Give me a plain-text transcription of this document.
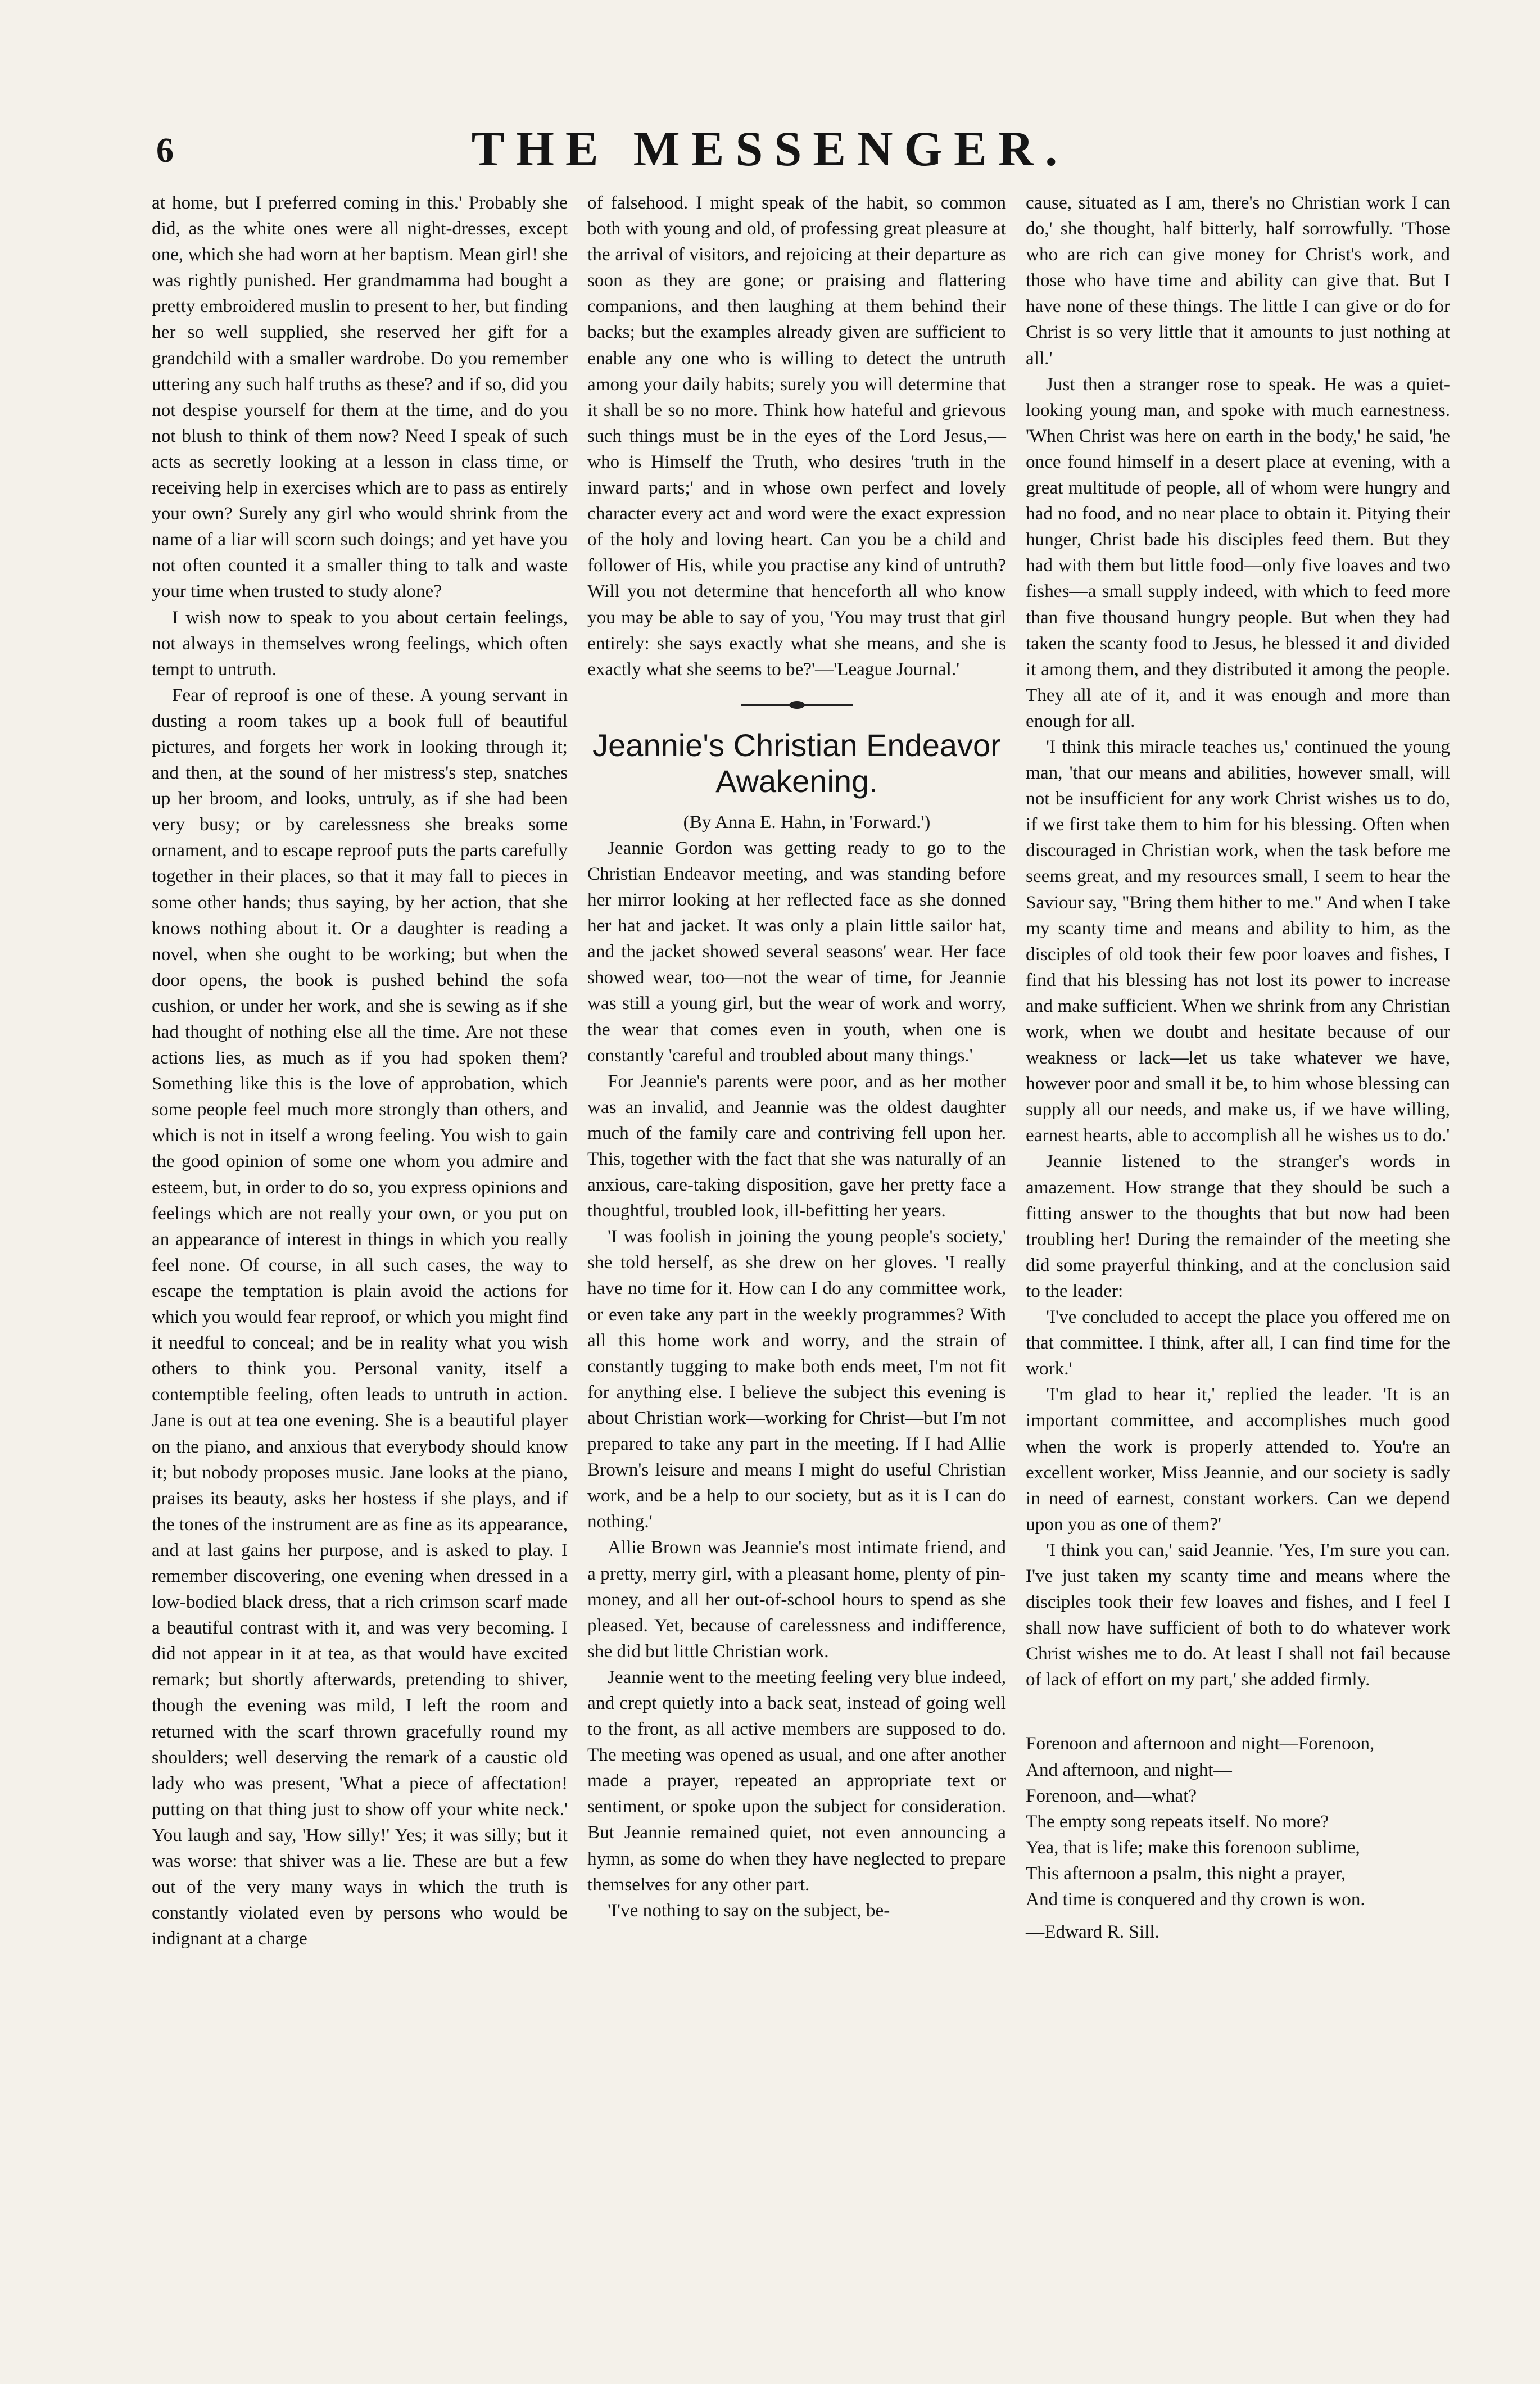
6	THE MESSENGER.

at home, but I preferred coming in this.' Probably she did, as the white ones were all night-dresses, except one, which she had worn at her baptism. Mean girl! she was rightly punished. Her grandmamma had bought a pretty embroidered muslin to present to her, but finding her so well supplied, she reserved her gift for a grandchild with a smaller wardrobe. Do you remember uttering any such half truths as these? and if so, did you not despise yourself for them at the time, and do you not blush to think of them now? Need I speak of such acts as secretly looking at a lesson in class time, or receiving help in exercises which are to pass as entirely your own? Surely any girl who would shrink from the name of a liar will scorn such doings; and yet have you not often counted it a smaller thing to talk and waste your time when trusted to study alone?

I wish now to speak to you about certain feelings, not always in themselves wrong feelings, which often tempt to untruth.

Fear of reproof is one of these. A young servant in dusting a room takes up a book full of beautiful pictures, and forgets her work in looking through it; and then, at the sound of her mistress's step, snatches up her broom, and looks, untruly, as if she had been very busy; or by carelessness she breaks some ornament, and to escape reproof puts the parts carefully together in their places, so that it may fall to pieces in some other hands; thus saying, by her action, that she knows nothing about it. Or a daughter is reading a novel, when she ought to be working; but when the door opens, the book is pushed behind the sofa cushion, or under her work, and she is sewing as if she had thought of nothing else all the time. Are not these actions lies, as much as if you had spoken them? Something like this is the love of approbation, which some people feel much more strongly than others, and which is not in itself a wrong feeling. You wish to gain the good opinion of some one whom you admire and esteem, but, in order to do so, you express opinions and feelings which are not really your own, or you put on an appearance of interest in things in which you really feel none. Of course, in all such cases, the way to escape the temptation is plain avoid the actions for which you would fear reproof, or which you might find it needful to conceal; and be in reality what you wish others to think you. Personal vanity, itself a contemptible feeling, often leads to untruth in action. Jane is out at tea one evening. She is a beautiful player on the piano, and anxious that everybody should know it; but nobody proposes music. Jane looks at the piano, praises its beauty, asks her hostess if she plays, and if the tones of the instrument are as fine as its appearance, and at last gains her purpose, and is asked to play. I remember discovering, one evening when dressed in a low-bodied black dress, that a rich crimson scarf made a beautiful contrast with it, and was very becoming. I did not appear in it at tea, as that would have excited remark; but shortly afterwards, pretending to shiver, though the evening was mild, I left the room and returned with the scarf thrown gracefully round my shoulders; well deserving the remark of a caustic old lady who was present, 'What a piece of affectation! putting on that thing just to show off your white neck.' You laugh and say, 'How silly!' Yes; it was silly; but it was worse: that shiver was a lie. These are but a few out of the very many ways in which the truth is constantly violated even by persons who would be indignant at a charge

of falsehood. I might speak of the habit, so common both with young and old, of professing great pleasure at the arrival of visitors, and rejoicing at their departure as soon as they are gone; or praising and flattering companions, and then laughing at them behind their backs; but the examples already given are sufficient to enable any one who is willing to detect the untruth among your daily habits; surely you will determine that it shall be so no more. Think how hateful and grievous such things must be in the eyes of the Lord Jesus,—who is Himself the Truth, who desires 'truth in the inward parts;' and in whose own perfect and lovely character every act and word were the exact expression of the holy and loving heart. Can you be a child and follower of His, while you practise any kind of untruth? Will you not determine that henceforth all who know you may be able to say of you, 'You may trust that girl entirely: she says exactly what she means, and she is exactly what she seems to be?'—'League Journal.'

Jeannie's Christian Endeavor Awakening.

(By Anna E. Hahn, in 'Forward.')

Jeannie Gordon was getting ready to go to the Christian Endeavor meeting, and was standing before her mirror looking at her reflected face as she donned her hat and jacket. It was only a plain little sailor hat, and the jacket showed several seasons' wear. Her face showed wear, too—not the wear of time, for Jeannie was still a young girl, but the wear of work and worry, the wear that comes even in youth, when one is constantly 'careful and troubled about many things.'

For Jeannie's parents were poor, and as her mother was an invalid, and Jeannie was the oldest daughter much of the family care and contriving fell upon her. This, together with the fact that she was naturally of an anxious, care-taking disposition, gave her pretty face a thoughtful, troubled look, ill-befitting her years.

'I was foolish in joining the young people's society,' she told herself, as she drew on her gloves. 'I really have no time for it. How can I do any committee work, or even take any part in the weekly programmes? With all this home work and worry, and the strain of constantly tugging to make both ends meet, I'm not fit for anything else. I believe the subject this evening is about Christian work—working for Christ—but I'm not prepared to take any part in the meeting. If I had Allie Brown's leisure and means I might do useful Christian work, and be a help to our society, but as it is I can do nothing.'

Allie Brown was Jeannie's most intimate friend, and a pretty, merry girl, with a pleasant home, plenty of pin-money, and all her out-of-school hours to spend as she pleased. Yet, because of carelessness and indifference, she did but little Christian work.

Jeannie went to the meeting feeling very blue indeed, and crept quietly into a back seat, instead of going well to the front, as all active members are supposed to do. The meeting was opened as usual, and one after another made a prayer, repeated an appropriate text or sentiment, or spoke upon the subject for consideration. But Jeannie remained quiet, not even announcing a hymn, as some do when they have neglected to prepare themselves for any other part.

'I've nothing to say on the subject, be-

cause, situated as I am, there's no Christian work I can do,' she thought, half bitterly, half sorrowfully. 'Those who are rich can give money for Christ's work, and those who have time and ability can give that. But I have none of these things. The little I can give or do for Christ is so very little that it amounts to just nothing at all.'

Just then a stranger rose to speak. He was a quiet-looking young man, and spoke with much earnestness. 'When Christ was here on earth in the body,' he said, 'he once found himself in a desert place at evening, with a great multitude of people, all of whom were hungry and had no food, and no near place to obtain it. Pitying their hunger, Christ bade his disciples feed them. But they had with them but little food—only five loaves and two fishes—a small supply indeed, with which to feed more than five thousand hungry people. But when they had taken the scanty food to Jesus, he blessed it and divided it among them, and they distributed it among the people. They all ate of it, and it was enough and more than enough for all.

'I think this miracle teaches us,' continued the young man, 'that our means and abilities, however small, will not be insufficient for any work Christ wishes us to do, if we first take them to him for his blessing. Often when discouraged in Christian work, when the task before me seems great, and my resources small, I seem to hear the Saviour say, "Bring them hither to me." And when I take my scanty time and means and ability to him, as the disciples of old took their few poor loaves and fishes, I find that his blessing has not lost its power to increase and make sufficient. When we shrink from any Christian work, when we doubt and hesitate because of our weakness or lack—let us take whatever we have, however poor and small it be, to him whose blessing can supply all our needs, and make us, if we have willing, earnest hearts, able to accomplish all he wishes us to do.'

Jeannie listened to the stranger's words in amazement. How strange that they should be such a fitting answer to the thoughts that but now had been troubling her! During the remainder of the meeting she did some prayerful thinking, and at the conclusion said to the leader:

'I've concluded to accept the place you offered me on that committee. I think, after all, I can find time for the work.'

'I'm glad to hear it,' replied the leader. 'It is an important committee, and accomplishes much good when the work is properly attended to. You're an excellent worker, Miss Jeannie, and our society is sadly in need of earnest, constant workers. Can we depend upon you as one of them?'

'I think you can,' said Jeannie. 'Yes, I'm sure you can. I've just taken my scanty time and means where the disciples took their few loaves and fishes, and I feel I shall now have sufficient of both to do whatever work Christ wishes me to do. At least I shall not fail because of lack of effort on my part,' she added firmly.

Forenoon and afternoon and night—Forenoon,

And afternoon, and night—

Forenoon, and—what?

The empty song repeats itself. No more?

Yea, that is life; make this forenoon sublime,

This afternoon a psalm, this night a prayer,

And time is conquered and thy crown is won.

—Edward R. Sill.
